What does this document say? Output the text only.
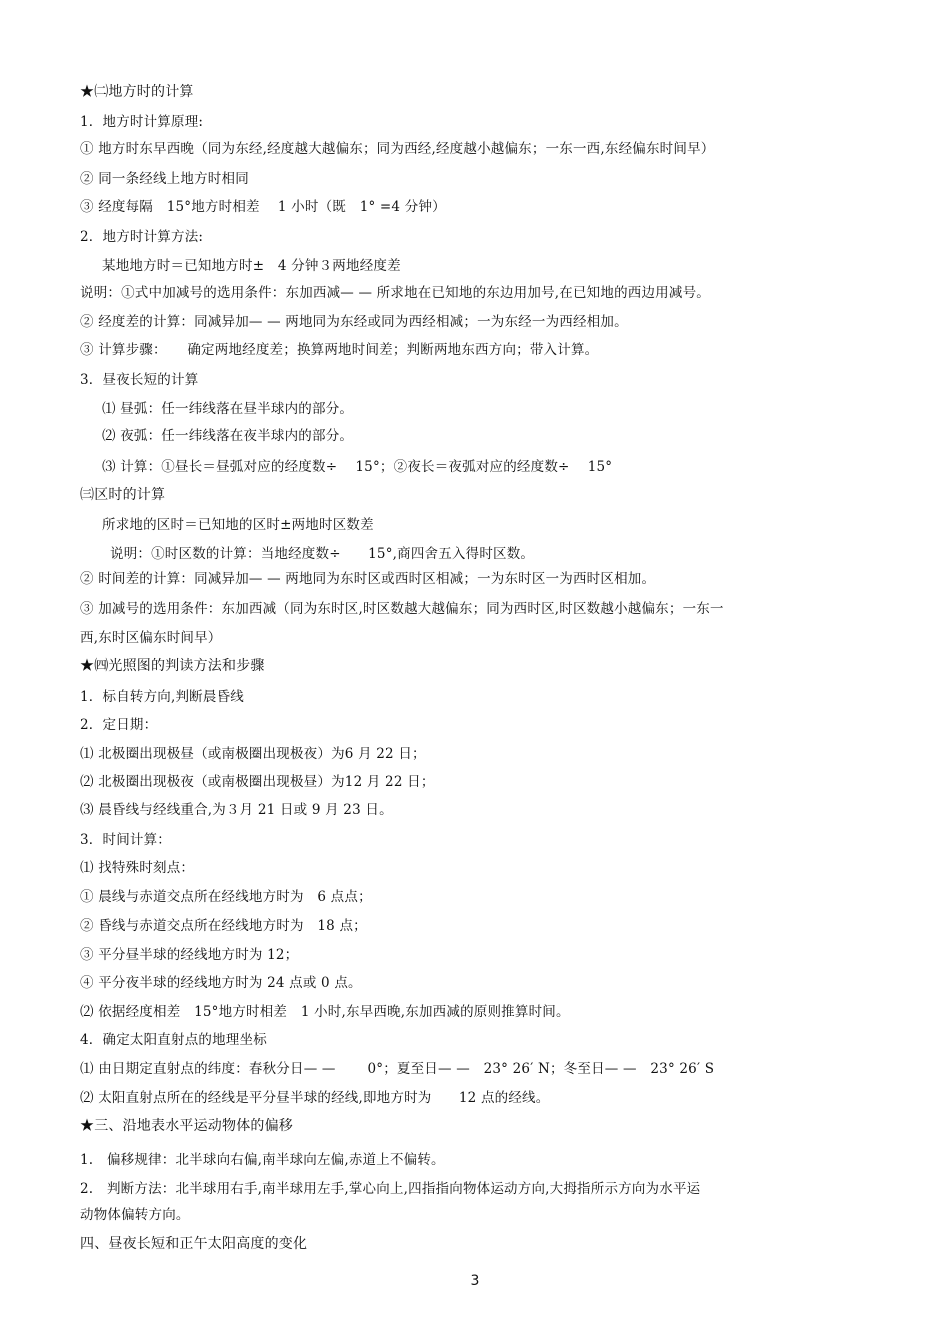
★㈡地方时的计算
1．地方时计算原理:
① 地方时东早西晚（同为东经,经度越大越偏东；同为西经,经度越小越偏东；一东一西,东经偏东时间早）
② 同一条经线上地方时相同
③ 经度每隔　15°地方时相差　 1 小时（既　1° =4 分钟）
2．地方时计算方法:
某地地方时＝已知地方时±　4 分钟３两地经度差
说明：①式中加减号的选用条件：东加西减— — 所求地在已知地的东边用加号,在已知地的西边用减号。
② 经度差的计算：同减异加— — 两地同为东经或同为西经相减；一为东经一为西经相加。
③ 计算步骤：　　确定两地经度差；换算两地时间差；判断两地东西方向；带入计算。
3．昼夜长短的计算
⑴ 昼弧：任一纬线落在昼半球内的部分。
⑵ 夜弧：任一纬线落在夜半球内的部分。
⑶ 计算：①昼长＝昼弧对应的经度数÷　 15°；②夜长＝夜弧对应的经度数÷　 15°
㈢区时的计算
所求地的区时＝已知地的区时±两地时区数差
说明：①时区数的计算：当地经度数÷　　15°,商四舍五入得时区数。
② 时间差的计算：同减异加— — 两地同为东时区或西时区相减；一为东时区一为西时区相加。
③ 加减号的选用条件：东加西减（同为东时区,时区数越大越偏东；同为西时区,时区数越小越偏东；一东一
西,东时区偏东时间早）
★㈣光照图的判读方法和步骤
1．标自转方向,判断晨昏线
2．定日期：
⑴ 北极圈出现极昼（或南极圈出现极夜）为6 月 22 日；
⑵ 北极圈出现极夜（或南极圈出现极昼）为12 月 22 日；
⑶ 晨昏线与经线重合,为３月 21 日或 9 月 23 日。
3．时间计算：
⑴ 找特殊时刻点：
① 晨线与赤道交点所在经线地方时为　6 点点；
② 昏线与赤道交点所在经线地方时为　18 点；
③ 平分昼半球的经线地方时为 12；
④ 平分夜半球的经线地方时为 24 点或 0 点。
⑵ 依据经度相差　15°地方时相差　1 小时,东早西晚,东加西减的原则推算时间。
4．确定太阳直射点的地理坐标
⑴ 由日期定直射点的纬度：春秋分日— —　　 0°；夏至日— —　23° 26′ N；冬至日— —　23° 26′ S
⑵ 太阳直射点所在的经线是平分昼半球的经线,即地方时为　　12 点的经线。
★三、沿地表水平运动物体的偏移
1.　偏移规律：北半球向右偏,南半球向左偏,赤道上不偏转。
2.　判断方法：北半球用右手,南半球用左手,掌心向上,四指指向物体运动方向,大拇指所示方向为水平运
动物体偏转方向。
四、昼夜长短和正午太阳高度的变化
3
